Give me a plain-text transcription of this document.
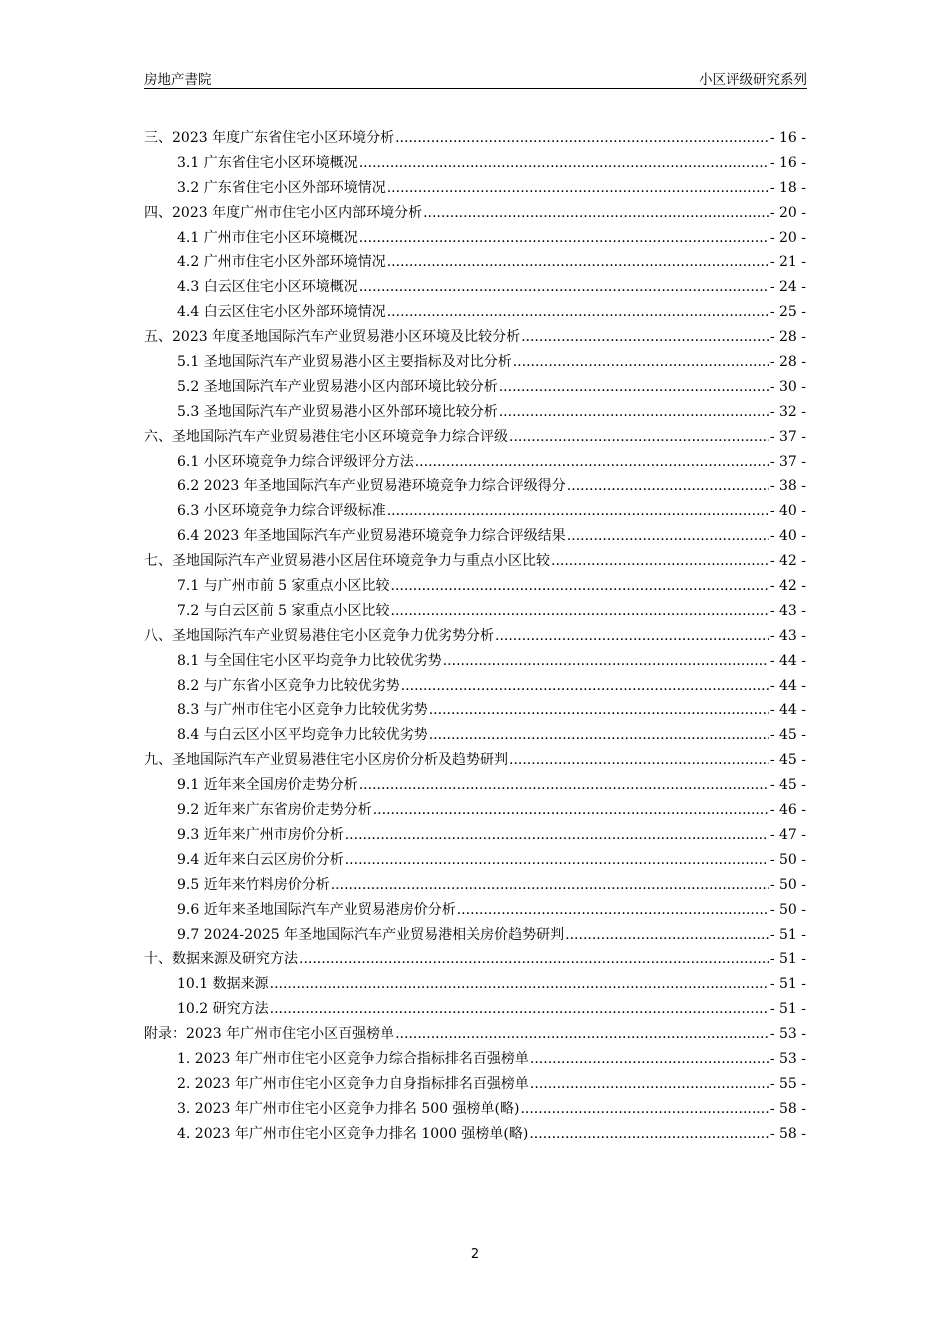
房地产書院	小区评级研究系列
三、2023 年度广东省住宅小区环境分析 .....	- 16 -
3.1 广东省住宅小区环境概况 .....	- 16 -
3.2 广东省住宅小区外部环境情况 .....	- 18 -
四、2023 年度广州市住宅小区内部环境分析 .....	- 20 -
4.1 广州市住宅小区环境概况 .....	- 20 -
4.2 广州市住宅小区外部环境情况 .....	- 21 -
4.3 白云区住宅小区环境概况 .....	- 24 -
4.4 白云区住宅小区外部环境情况 .....	- 25 -
五、2023 年度圣地国际汽车产业贸易港小区环境及比较分析 .....	- 28 -
5.1 圣地国际汽车产业贸易港小区主要指标及对比分析 .....	- 28 -
5.2 圣地国际汽车产业贸易港小区内部环境比较分析 .....	- 30 -
5.3 圣地国际汽车产业贸易港小区外部环境比较分析 .....	- 32 -
六、圣地国际汽车产业贸易港住宅小区环境竞争力综合评级 .....	- 37 -
6.1 小区环境竞争力综合评级评分方法 .....	- 37 -
6.2 2023 年圣地国际汽车产业贸易港环境竞争力综合评级得分 .....	- 38 -
6.3 小区环境竞争力综合评级标准 .....	- 40 -
6.4 2023 年圣地国际汽车产业贸易港环境竞争力综合评级结果 .....	- 40 -
七、圣地国际汽车产业贸易港小区居住环境竞争力与重点小区比较 .....	- 42 -
7.1 与广州市前 5 家重点小区比较 .....	- 42 -
7.2 与白云区前 5 家重点小区比较 .....	- 43 -
八、圣地国际汽车产业贸易港住宅小区竞争力优劣势分析 .....	- 43 -
8.1 与全国住宅小区平均竞争力比较优劣势 .....	- 44 -
8.2 与广东省小区竞争力比较优劣势 .....	- 44 -
8.3 与广州市住宅小区竞争力比较优劣势 .....	- 44 -
8.4 与白云区小区平均竞争力比较优劣势 .....	- 45 -
九、圣地国际汽车产业贸易港住宅小区房价分析及趋势研判 .....	- 45 -
9.1 近年来全国房价走势分析 .....	- 45 -
9.2 近年来广东省房价走势分析 .....	- 46 -
9.3 近年来广州市房价分析 .....	- 47 -
9.4 近年来白云区房价分析 .....	- 50 -
9.5 近年来竹料房价分析 .....	- 50 -
9.6 近年来圣地国际汽车产业贸易港房价分析 .....	- 50 -
9.7 2024-2025 年圣地国际汽车产业贸易港相关房价趋势研判 .....	- 51 -
十、数据来源及研究方法 .....	- 51 -
10.1 数据来源 .....	- 51 -
10.2 研究方法 .....	- 51 -
附录：2023 年广州市住宅小区百强榜单 .....	- 53 -
1. 2023 年广州市住宅小区竞争力综合指标排名百强榜单 .....	- 53 -
2. 2023 年广州市住宅小区竞争力自身指标排名百强榜单 .....	- 55 -
3. 2023 年广州市住宅小区竞争力排名 500 强榜单(略) .....	- 58 -
4. 2023 年广州市住宅小区竞争力排名 1000 强榜单(略) .....	- 58 -
2
